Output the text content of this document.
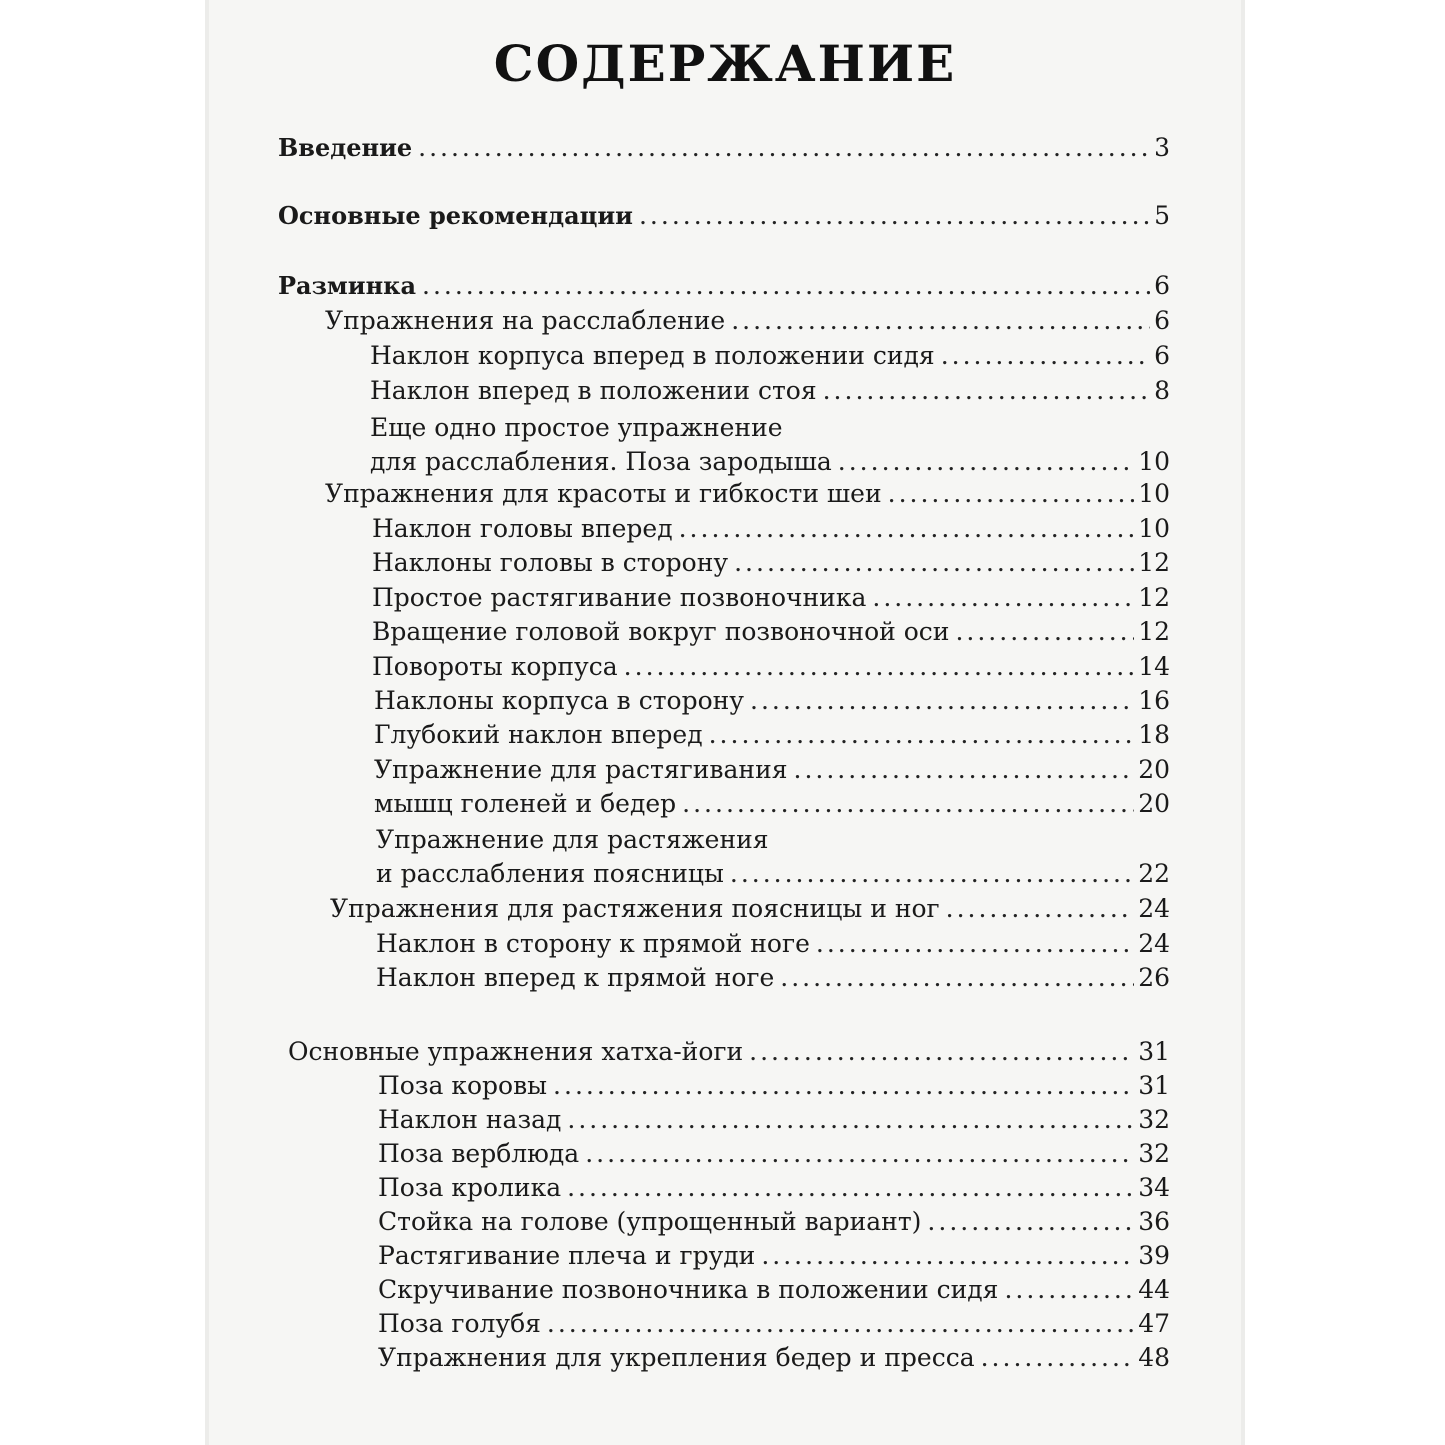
СОДЕРЖАНИЕ
Введение .....	3
Основные рекомендации .....	5
Разминка .....	6
Упражнения на расслабление .....	6
Наклон корпуса вперед в положении сидя .....	6
Наклон вперед в положении стоя .....	8
Еще одно простое упражнение
для расслабления. Поза зародыша .....	10
Упражнения для красоты и гибкости шеи .....	10
Наклон головы вперед .....	10
Наклоны головы в сторону .....	12
Простое растягивание позвоночника .....	12
Вращение головой вокруг позвоночной оси .....	12
Повороты корпуса .....	14
Наклоны корпуса в сторону .....	16
Глубокий наклон вперед .....	18
Упражнение для растягивания .....	20
мышц голеней и бедер .....	20
Упражнение для растяжения
и расслабления поясницы .....	22
Упражнения для растяжения поясницы и ног .....	24
Наклон в сторону к прямой ноге .....	24
Наклон вперед к прямой ноге .....	26
Основные упражнения хатха-йоги .....	31
Поза коровы .....	31
Наклон назад .....	32
Поза верблюда .....	32
Поза кролика .....	34
Стойка на голове (упрощенный вариант) .....	36
Растягивание плеча и груди .....	39
Скручивание позвоночника в положении сидя .....	44
Поза голубя .....	47
Упражнения для укрепления бедер и пресса .....	48
